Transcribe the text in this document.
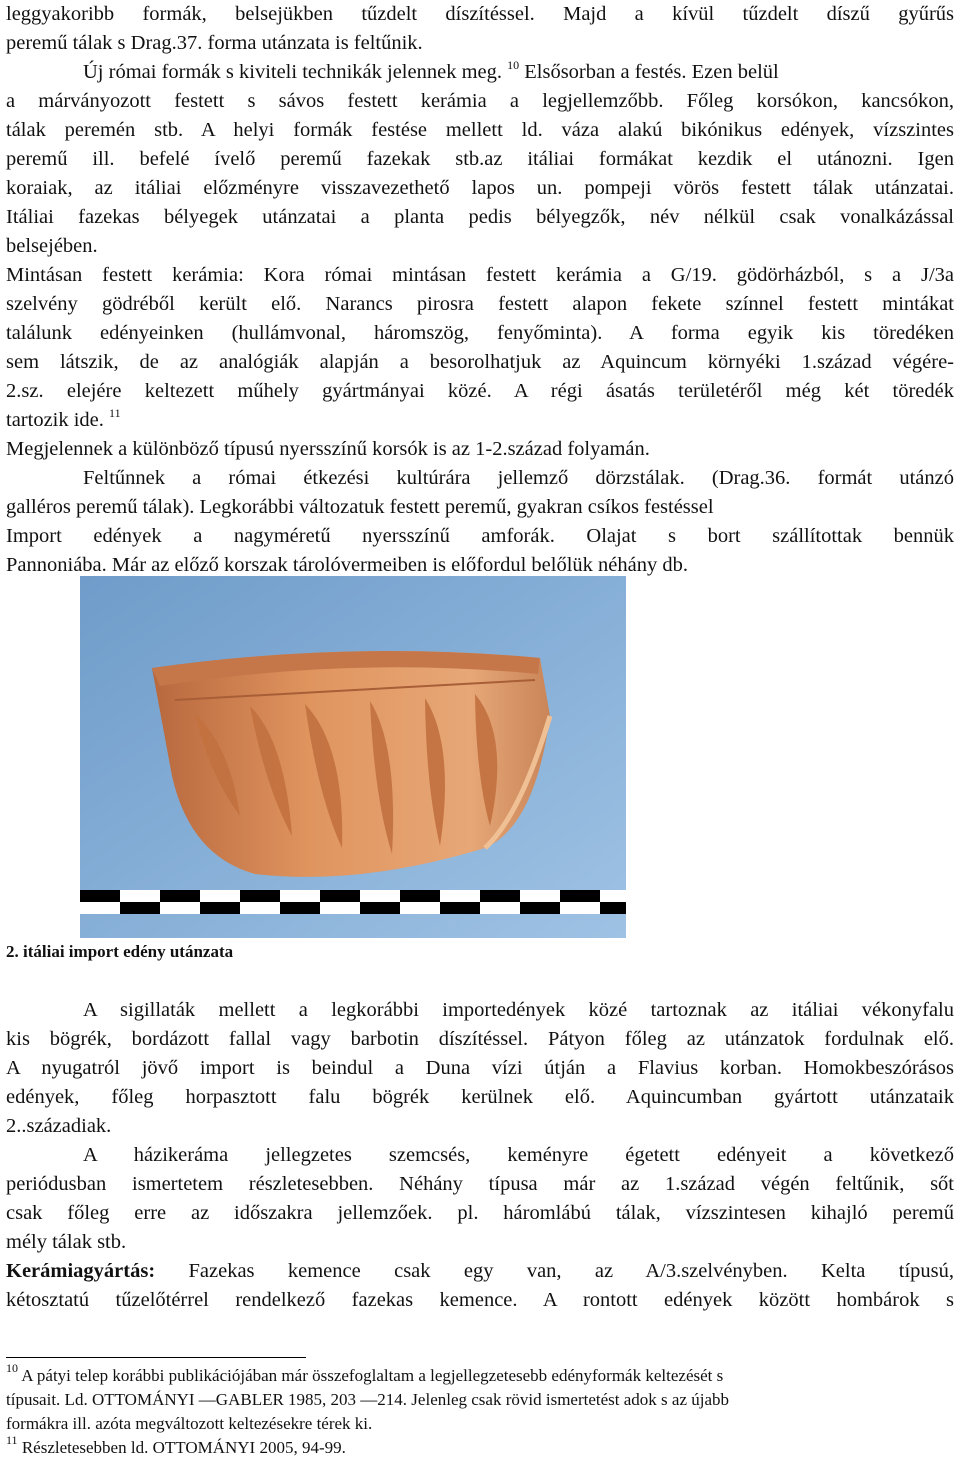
leggyakoribb formák, belsejükben tűzdelt díszítéssel. Majd a kívül tűzdelt díszű gyűrűs
peremű tálak s Drag.37. forma utánzata is feltűnik.
Új római formák s kiviteli technikák jelennek meg. $^{10}$ Elsősorban a festés. Ezen belül
a márványozott festett s sávos festett kerámia a legjellemzőbb. Főleg korsókon, kancsókon,
tálak peremén stb. A helyi formák festése mellett ld. váza alakú bikónikus edények, vízszintes
peremű ill. befelé ívelő peremű fazekak stb.az itáliai formákat kezdik el utánozni. Igen
koraiak, az itáliai előzményre visszavezethető lapos un. pompeji vörös festett tálak utánzatai.
Itáliai fazekas bélyegek utánzatai a planta pedis bélyegzők, név nélkül csak vonalkázással
belsejében.
Mintásan festett kerámia: Kora római mintásan festett kerámia a G/19. gödörházból, s a J/3a
szelvény gödréből került elő. Narancs pirosra festett alapon fekete színnel festett mintákat
találunk edényeinken (hullámvonal, háromszög, fenyőminta). A forma egyik kis töredéken
sem látszik, de az analógiák alapján a besorolhatjuk az Aquincum környéki 1.század végére-
2.sz. elejére keltezett műhely gyártmányai közé. A régi ásatás területéről még két töredék
tartozik ide. $^{11}$
Megjelennek a különböző típusú nyersszínű korsók is az 1-2.század folyamán.
Feltűnnek a római étkezési kultúrára jellemző dörzstálak. (Drag.36. formát utánzó
galléros peremű tálak). Legkorábbi változatuk festett peremű, gyakran csíkos festéssel
Import edények a nagyméretű nyersszínű amforák. Olajat s bort szállítottak bennük
Pannoniába. Már az előző korszak tárolóvermeiben is előfordul belőlük néhány db.
2. itáliai import edény utánzata
A sigillaták mellett a legkorábbi importedények közé tartoznak az itáliai vékonyfalu
kis bögrék, bordázott fallal vagy barbotin díszítéssel. Pátyon főleg az utánzatok fordulnak elő.
A nyugatról jövő import is beindul a Duna vízi útján a Flavius korban. Homokbeszórásos
edények, főleg horpasztott falu bögrék kerülnek elő. Aquincumban gyártott utánzataik
2..századiak.
A házikeráma jellegzetes szemcsés, keményre égetett edényeit a következő
periódusban ismertetem részletesebben. Néhány típusa már az 1.század végén feltűnik, sőt
csak főleg erre az időszakra jellemzőek. pl. háromlábú tálak, vízszintesen kihajló peremű
mély tálak stb.
Kerámiagyártás: Fazekas kemence csak egy van, az A/3.szelvényben. Kelta típusú,
kétosztatú tűzelőtérrel rendelkező fazekas kemence. A rontott edények között hombárok s
$^{10}$ A pátyi telep korábbi publikációjában már összefoglaltam a legjellegzetesebb edényformák keltezését s
típusait. Ld. OTTOMÁNYI —GABLER 1985, 203 —214. Jelenleg csak rövid ismertetést adok s az újabb
formákra ill. azóta megváltozott keltezésekre térek ki.
$^{11}$ Részletesebben ld. OTTOMÁNYI 2005, 94-99.
